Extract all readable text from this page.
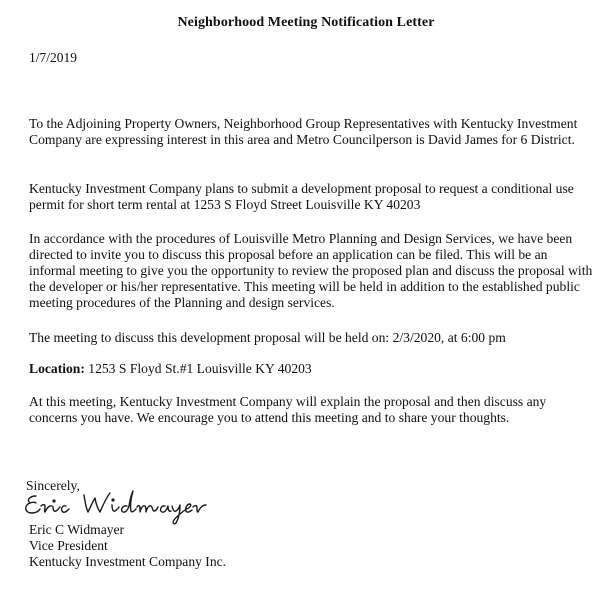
Neighborhood Meeting Notification Letter
1/7/2019

To the Adjoining Property Owners, Neighborhood Group Representatives with Kentucky Investment Company are expressing interest in this area and Metro Councilperson is David James for 6 District.

Kentucky Investment Company plans to submit a development proposal to request a conditional use permit for short term rental at 1253 S Floyd Street Louisville KY 40203

In accordance with the procedures of Louisville Metro Planning and Design Services, we have been directed to invite you to discuss this proposal before an application can be filed. This will be an informal meeting to give you the opportunity to review the proposed plan and discuss the proposal with the developer or his/her representative. This meeting will be held in addition to the established public meeting procedures of the Planning and design services.

The meeting to discuss this development proposal will be held on: 2/3/2020, at 6:00 pm

Location: 1253 S Floyd St.#1 Louisville KY 40203

At this meeting, Kentucky Investment Company will explain the proposal and then discuss any concerns you have. We encourage you to attend this meeting and to share your thoughts.

Sincerely,
Eric C Widmayer
Vice President
Kentucky Investment Company Inc.
